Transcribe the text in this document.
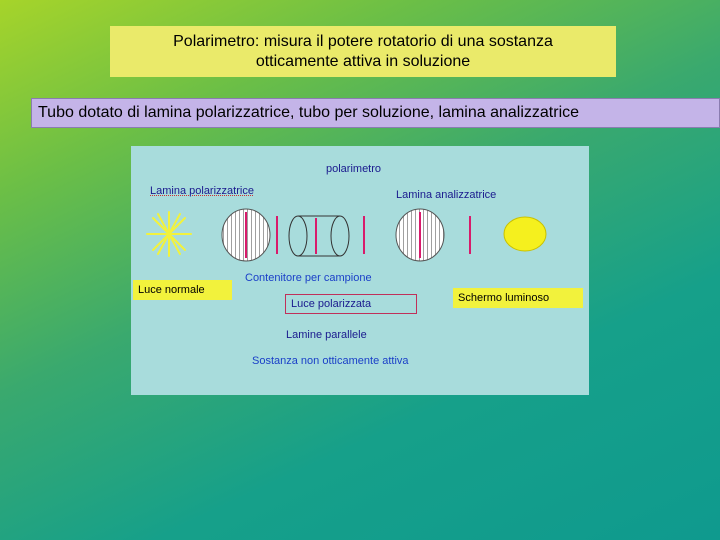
Polarimetro: misura il potere rotatorio di una sostanza
otticamente attiva in soluzione
Tubo dotato di lamina polarizzatrice, tubo per soluzione, lamina analizzatrice
polarimetro
Lamina polarizzatrice	Lamina analizzatrice
Contenitore per campione
Luce normale
Luce polarizzata	Schermo luminoso
Lamine parallele
Sostanza non otticamente attiva
